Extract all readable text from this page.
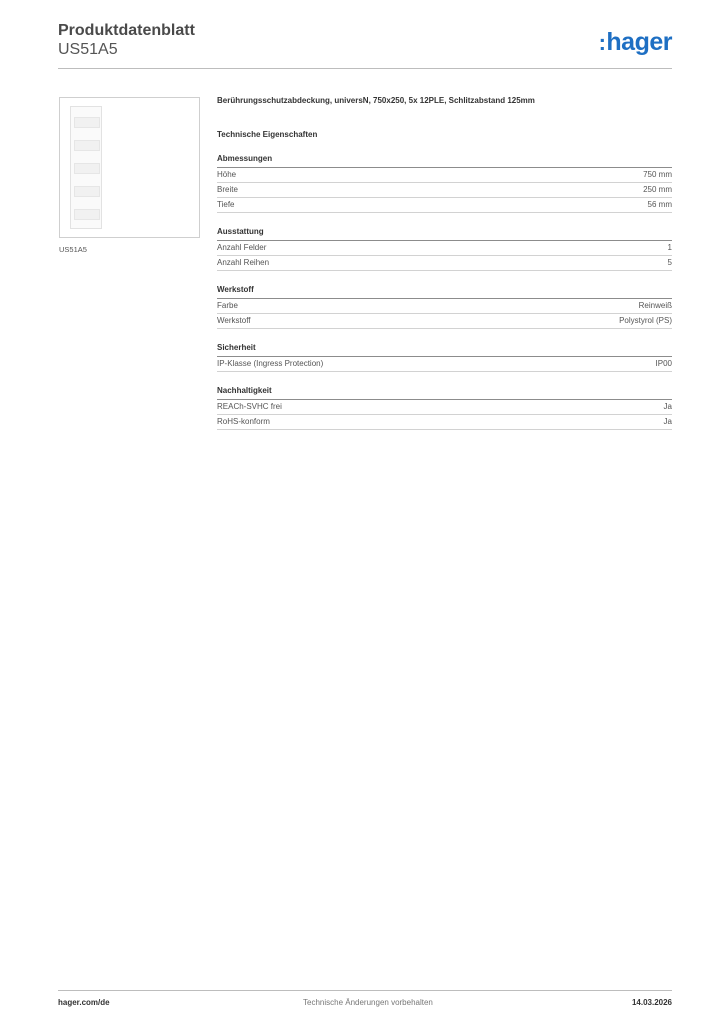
Produktdatenblatt
US51A5	:hager
US51A5

Berührungsschutzabdeckung, universN, 750x250, 5x 12PLE, Schlitzabstand 125mm

Technische Eigenschaften
Abmessungen
Höhe	750 mm
Breite	250 mm
Tiefe	56 mm
Ausstattung
Anzahl Felder	1
Anzahl Reihen	5
Werkstoff
Farbe	Reinweiß
Werkstoff	Polystyrol (PS)
Sicherheit
IP-Klasse (Ingress Protection)	IP00
Nachhaltigkeit
REACh-SVHC frei	Ja
RoHS-konform	Ja
hager.com/de	Technische Änderungen vorbehalten	14.03.2026
